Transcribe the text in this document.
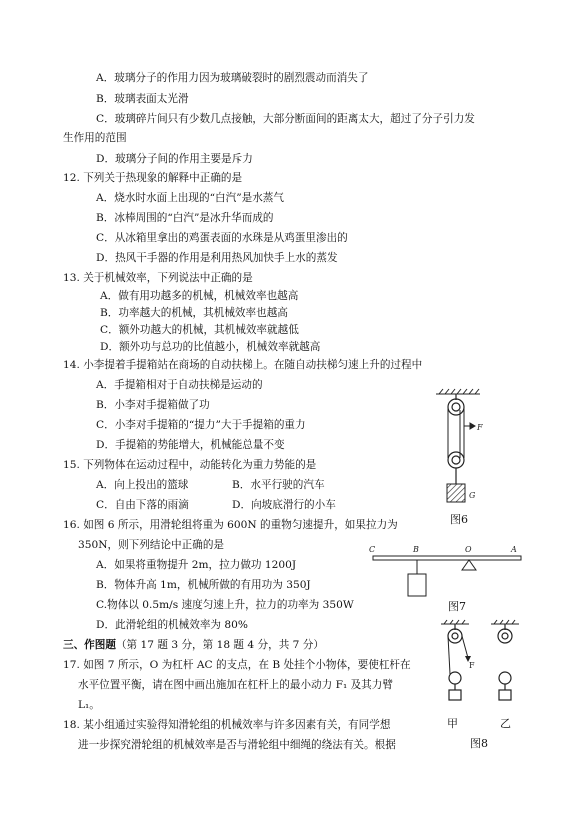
A．玻璃分子的作用力因为玻璃破裂时的剧烈震动而消失了
B．玻璃表面太光滑
C．玻璃碎片间只有少数几点接触，大部分断面间的距离太大，超过了分子引力发
生作用的范围
D．玻璃分子间的作用主要是斥力
12. 下列关于热现象的解释中正确的是
A．烧水时水面上出现的“白汽”是水蒸气
B．冰棒周围的“白汽”是冰升华而成的
C．从冰箱里拿出的鸡蛋表面的水珠是从鸡蛋里渗出的
D．热风干手器的作用是利用热风加快手上水的蒸发
13. 关于机械效率，下列说法中正确的是
A．做有用功越多的机械，机械效率也越高
B．功率越大的机械，其机械效率也越高
C．额外功越大的机械，其机械效率就越低
D．额外功与总功的比值越小，机械效率就越高
14. 小李提着手提箱站在商场的自动扶梯上。在随自动扶梯匀速上升的过程中
A．手提箱相对于自动扶梯是运动的
B．小李对手提箱做了功
C．小李对手提箱的“提力”大于手提箱的重力
D．手提箱的势能增大，机械能总量不变
15. 下列物体在运动过程中，动能转化为重力势能的是
A．向上投出的篮球	B．水平行驶的汽车
C．自由下落的雨滴	D．向坡底滑行的小车
16. 如图 6 所示，用滑轮组将重为 600N 的重物匀速提升，如果拉力为
350N，则下列结论中正确的是
A．如果将重物提升 2m，拉力做功 1200J
B．物体升高 1m，机械所做的有用功为 350J
C.物体以 0.5m/s 速度匀速上升，拉力的功率为 350W
D．此滑轮组的机械效率为 80%
三、作图题（第 17 题 3 分，第 18 题 4 分，共 7 分）
17. 如图 7 所示，O 为杠杆 AC 的支点，在 B 处挂个小物体，要使杠杆在
水平位置平衡，请在图中画出施加在杠杆上的最小动力 F₁ 及其力臂
L₁。
18. 某小组通过实验得知滑轮组的机械效率与许多因素有关，有同学想
进一步探究滑轮组的机械效率是否与滑轮组中细绳的绕法有关。根据
F
G
图6
C	B	O	A
图7
F
甲	乙
图8
